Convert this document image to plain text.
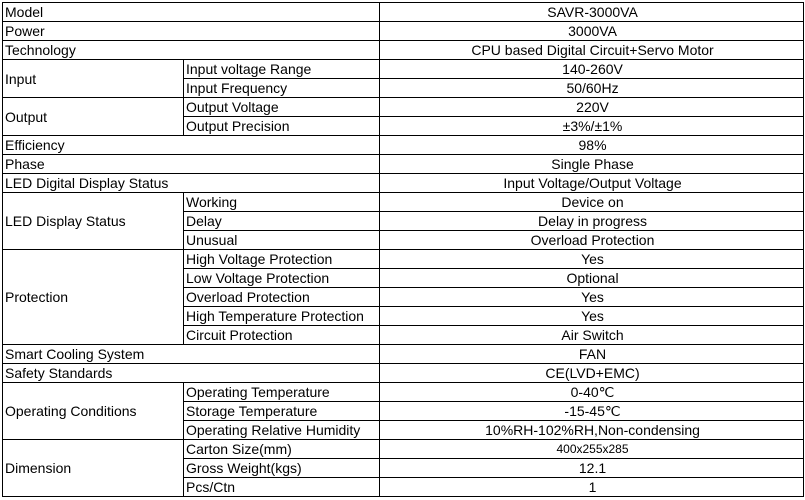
Model		SAVR-3000VA
Power		3000VA
Technology		CPU based Digital Circuit+Servo Motor
Input	Input voltage Range	140-260V
	Input Frequency	50/60Hz
Output	Output Voltage	220V
	Output Precision	±3%/±1%
Efficiency		98%
Phase		Single Phase
LED Digital Display Status		Input Voltage/Output Voltage
LED Display Status	Working	Device on
	Delay	Delay in progress
	Unusual	Overload Protection
Protection	High Voltage Protection	Yes
	Low Voltage Protection	Optional
	Overload Protection	Yes
	High Temperature Protection	Yes
	Circuit Protection	Air Switch
Smart Cooling System		FAN
Safety Standards		CE(LVD+EMC)
Operating Conditions	Operating Temperature	0-40℃
	Storage Temperature	-15-45℃
	Operating Relative Humidity	10%RH-102%RH,Non-condensing
Dimension	Carton Size(mm)	400x255x285
	Gross Weight(kgs)	12.1
	Pcs/Ctn	1
